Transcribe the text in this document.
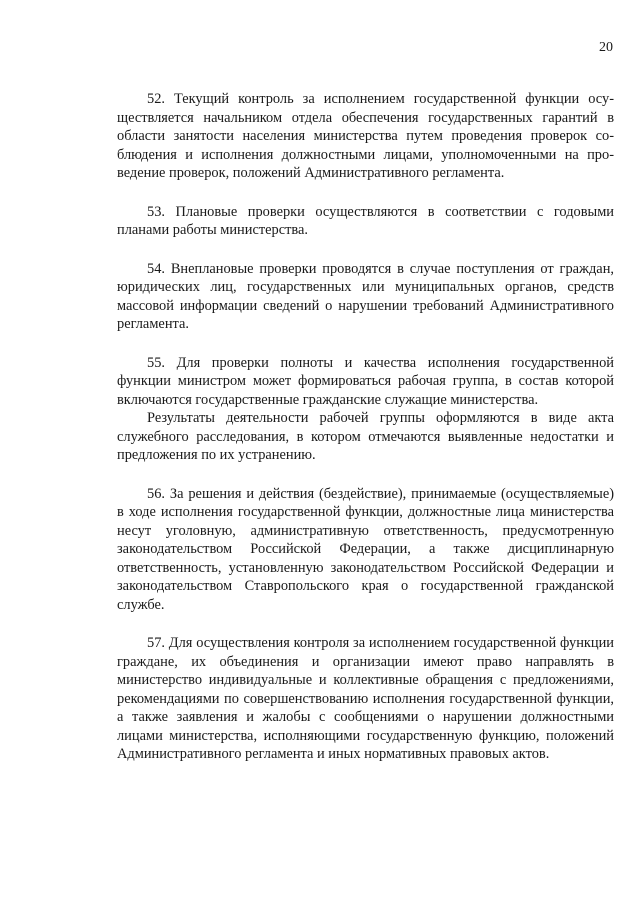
20

52. Текущий контроль за исполнением государственной функции осуществляется начальником отдела обеспечения государственных гарантий в области занятости населения министерства путем проведения проверок соблюдения и исполнения должностными лицами, уполномоченными на проведение проверок, положений Административного регламента.

53. Плановые проверки осуществляются в соответствии с годовыми планами работы министерства.

54. Внеплановые проверки проводятся в случае поступления от граждан, юридических лиц, государственных или муниципальных органов, средств массовой информации сведений о нарушении требований Административного регламента.

55. Для проверки полноты и качества исполнения государственной функции министром может формироваться рабочая группа, в состав которой включаются государственные гражданские служащие министерства.

Результаты деятельности рабочей группы оформляются в виде акта служебного расследования, в котором отмечаются выявленные недостатки и предложения по их устранению.

56. За решения и действия (бездействие), принимаемые (осуществляемые) в ходе исполнения государственной функции, должностные лица министерства несут уголовную, административную ответственность, предусмотренную законодательством Российской Федерации, а также дисциплинарную ответственность, установленную законодательством Российской Федерации и законодательством Ставропольского края о государственной гражданской службе.

57. Для осуществления контроля за исполнением государственной функции граждане, их объединения и организации имеют право направлять в министерство индивидуальные и коллективные обращения с предложениями, рекомендациями по совершенствованию исполнения государственной функции, а также заявления и жалобы с сообщениями о нарушении должностными лицами министерства, исполняющими государственную функцию, положений Административного регламента и иных нормативных правовых актов.
